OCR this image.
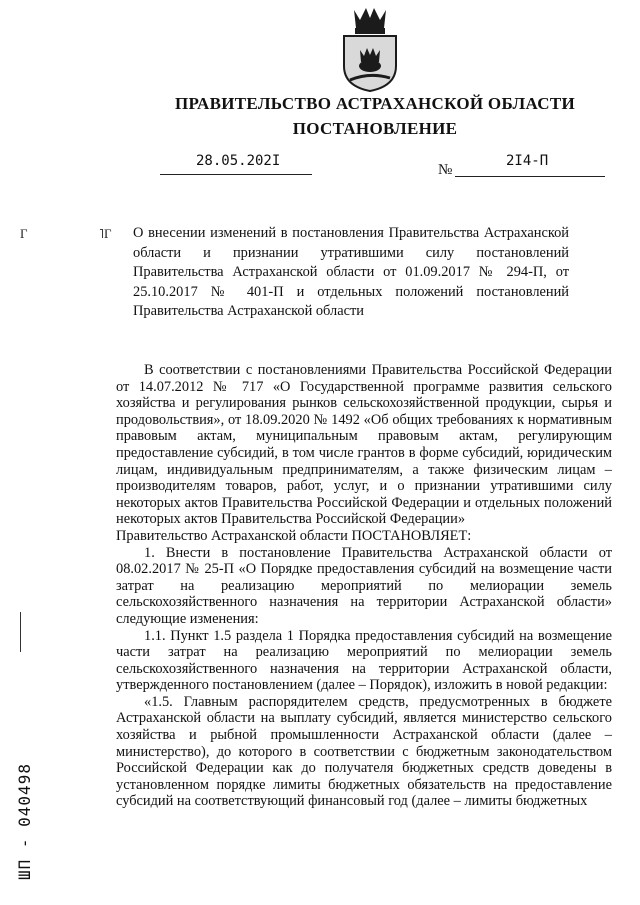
ПРАВИТЕЛЬСТВО АСТРАХАНСКОЙ ОБЛАСТИ
ПОСТАНОВЛЕНИЕ
28.05.202I
№
2I4-П
Г	˥Г О внесении изменений в постановления Правительства Астраханской области и признании утратившими силу постановлений Правительства Астраханской области от 01.09.2017 № 294-П, от 25.10.2017 № 401-П и отдельных положений постановлений Правительства Астраханской области

В соответствии с постановлениями Правительства Российской Федерации от 14.07.2012 № 717 «О Государственной программе развития сельского хозяйства и регулирования рынков сельскохозяйственной продукции, сырья и продовольствия», от 18.09.2020 № 1492 «Об общих требованиях к нормативным правовым актам, муниципальным правовым актам, регулирующим предоставление субсидий, в том числе грантов в форме субсидий, юридическим лицам, индивидуальным предпринимателям, а также физическим лицам – производителям товаров, работ, услуг, и о признании утратившими силу некоторых актов Правительства Российской Федерации и отдельных положений некоторых актов Правительства Российской Федерации»

Правительство Астраханской области ПОСТАНОВЛЯЕТ:

1. Внести в постановление Правительства Астраханской области от 08.02.2017 № 25-П «О Порядке предоставления субсидий на возмещение части затрат на реализацию мероприятий по мелиорации земель сельскохозяйственного назначения на территории Астраханской области» следующие изменения:

1.1. Пункт 1.5 раздела 1 Порядка предоставления субсидий на возмещение части затрат на реализацию мероприятий по мелиорации земель сельскохозяйственного назначения на территории Астраханской области, утвержденного постановлением (далее – Порядок), изложить в новой редакции:

«1.5. Главным распорядителем средств, предусмотренных в бюджете Астраханской области на выплату субсидий, является министерство сельского хозяйства и рыбной промышленности Астраханской области (далее – министерство), до которого в соответствии с бюджетным законодательством Российской Федерации как до получателя бюджетных средств доведены в установленном порядке лимиты бюджетных обязательств на предоставление субсидий на соответствующий финансовый год (далее – лимиты бюджетных

ШП - 040498
